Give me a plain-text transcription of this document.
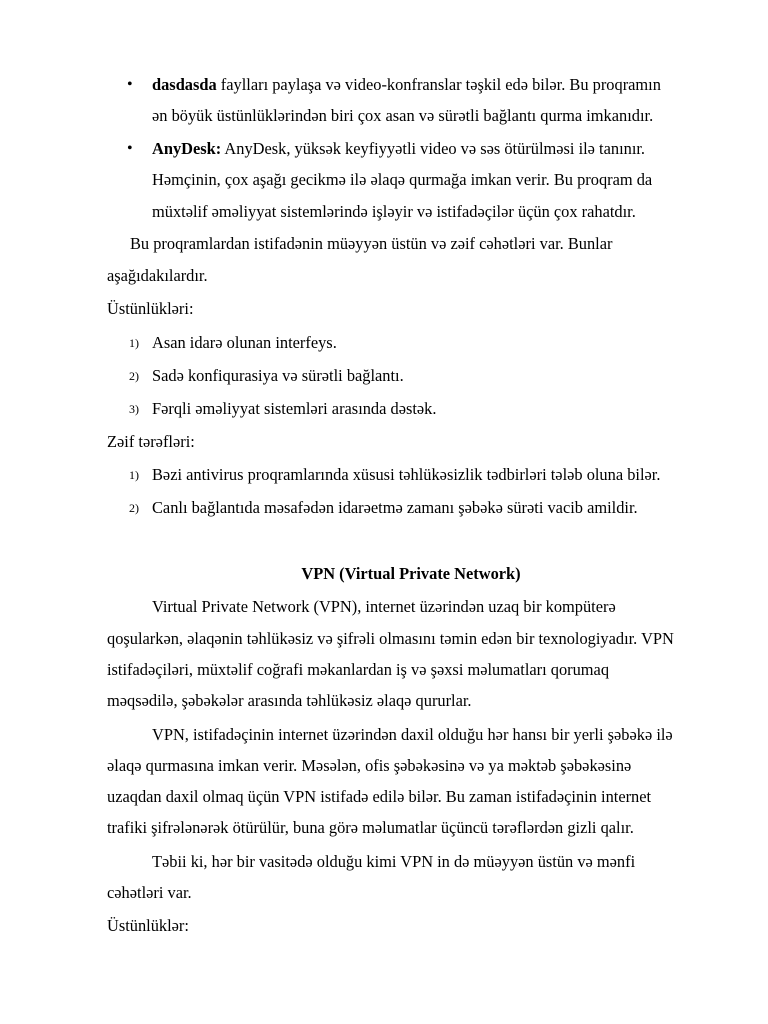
• dasdasda faylları paylaşa və video-konfranslar təşkil edə bilər. Bu proqramın
ən böyük üstünlüklərindən biri çox asan və sürətli bağlantı qurma imkanıdır.
• AnyDesk: AnyDesk, yüksək keyfiyyətli video və səs ötürülməsi ilə tanınır.
Həmçinin, çox aşağı gecikmə ilə əlaqə qurmağa imkan verir. Bu proqram da
müxtəlif əməliyyat sistemlərində işləyir və istifadəçilər üçün çox rahatdır.
Bu proqramlardan istifadənin müəyyən üstün və zəif cəhətləri var. Bunlar
aşağıdakılardır.
Üstünlükləri:
1) Asan idarə olunan interfeys.
2) Sadə konfiqurasiya və sürətli bağlantı.
3) Fərqli əməliyyat sistemləri arasında dəstək.
Zəif tərəfləri:
1) Bəzi antivirus proqramlarında xüsusi təhlükəsizlik tədbirləri tələb oluna bilər.
2) Canlı bağlantıda məsafədən idarəetmə zamanı şəbəkə sürəti vacib amildir.
VPN (Virtual Private Network)
Virtual Private Network (VPN), internet üzərindən uzaq bir kompüterə
qoşularkən, əlaqənin təhlükəsiz və şifrəli olmasını təmin edən bir texnologiyadır. VPN
istifadəçiləri, müxtəlif coğrafi məkanlardan iş və şəxsi məlumatları qorumaq
məqsədilə, şəbəkələr arasında təhlükəsiz əlaqə qururlar.
VPN, istifadəçinin internet üzərindən daxil olduğu hər hansı bir yerli şəbəkə ilə
əlaqə qurmasına imkan verir. Məsələn, ofis şəbəkəsinə və ya məktəb şəbəkəsinə
uzaqdan daxil olmaq üçün VPN istifadə edilə bilər. Bu zaman istifadəçinin internet
trafiki şifrələnərək ötürülür, buna görə məlumatlar üçüncü tərəflərdən gizli qalır.
Təbii ki, hər bir vasitədə olduğu kimi VPN in də müəyyən üstün və mənfi
cəhətləri var.
Üstünlüklər:
